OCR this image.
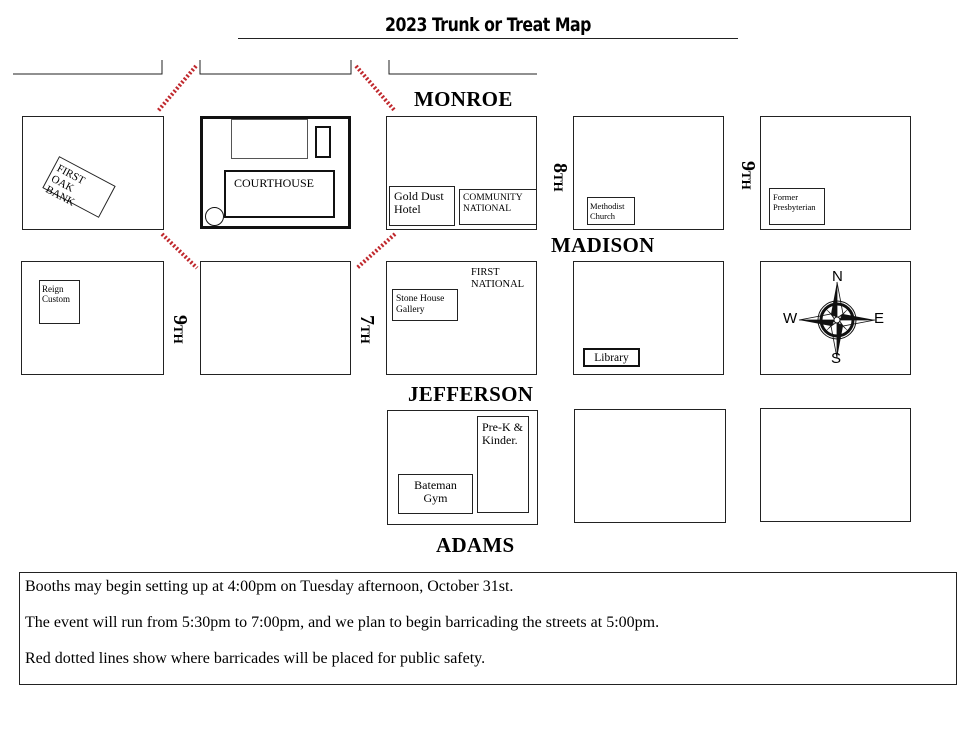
2023 Trunk or Treat Map
MONROE
MADISON
JEFFERSON
ADAMS
8TH
9TH
9TH
7TH
FIRST OAK BANK
COURTHOUSE
Gold Dust Hotel
COMMUNITY NATIONAL	Methodist Church
Former Presbyterian
Reign Custom
FIRST NATIONAL
Stone House Gallery
Library
N
S
E
W
Pre-K & Kinder.
Bateman Gym

Booths may begin setting up at 4:00pm on Tuesday afternoon, October 31st.

The event will run from 5:30pm to 7:00pm, and we plan to begin barricading the streets at 5:00pm.

Red dotted lines show where barricades will be placed for public safety.
